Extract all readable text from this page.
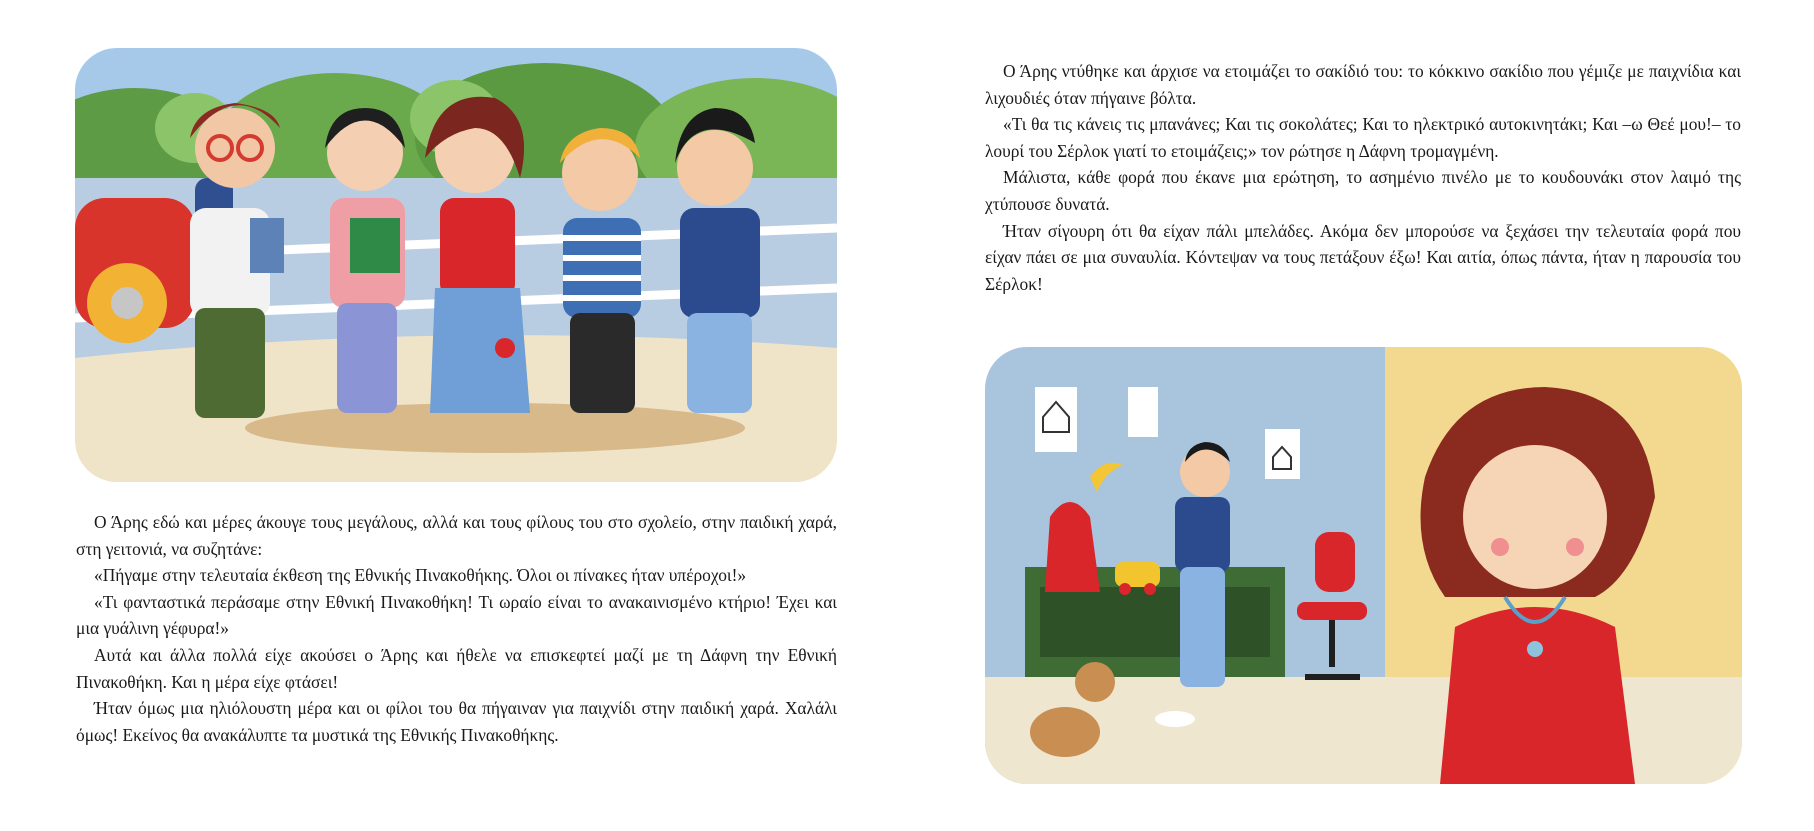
Ο Άρης εδώ και μέρες άκουγε τους μεγάλους, αλλά και τους φίλους του στο σχολείο, στην παιδική χαρά, στη γειτονιά, να συζητάνε:

«Πήγαμε στην τελευταία έκθεση της Εθνικής Πινακοθήκης. Όλοι οι πίνακες ήταν υπέροχοι!»

«Τι φανταστικά περάσαμε στην Εθνική Πινακοθήκη! Τι ωραίο είναι το ανακαινισμένο κτήριο! Έχει και μια γυάλινη γέφυρα!»

Αυτά και άλλα πολλά είχε ακούσει ο Άρης και ήθελε να επισκεφτεί μαζί με τη Δάφνη την Εθνική Πινακοθήκη. Και η μέρα είχε φτάσει!

Ήταν όμως μια ηλιόλουστη μέρα και οι φίλοι του θα πήγαιναν για παιχνίδι στην παιδική χαρά. Χαλάλι όμως! Εκείνος θα ανακάλυπτε τα μυστικά της Εθνικής Πινακοθήκης.

Ο Άρης ντύθηκε και άρχισε να ετοιμάζει το σακίδιό του: το κόκκινο σακίδιο που γέμιζε με παιχνίδια και λιχουδιές όταν πήγαινε βόλτα.

«Τι θα τις κάνεις τις μπανάνες; Και τις σοκολάτες; Και το ηλεκτρικό αυτοκινητάκι; Και –ω Θεέ μου!– το λουρί του Σέρλοκ γιατί το ετοιμάζεις;» τον ρώτησε η Δάφνη τρομαγμένη.

Μάλιστα, κάθε φορά που έκανε μια ερώτηση, το ασημένιο πινέλο με το κουδουνάκι στον λαιμό της χτύπουσε δυνατά.

Ήταν σίγουρη ότι θα είχαν πάλι μπελάδες. Ακόμα δεν μπορούσε να ξεχάσει την τελευταία φορά που είχαν πάει σε μια συναυλία. Κόντεψαν να τους πετάξουν έξω! Και αιτία, όπως πάντα, ήταν η παρουσία του Σέρλοκ!
